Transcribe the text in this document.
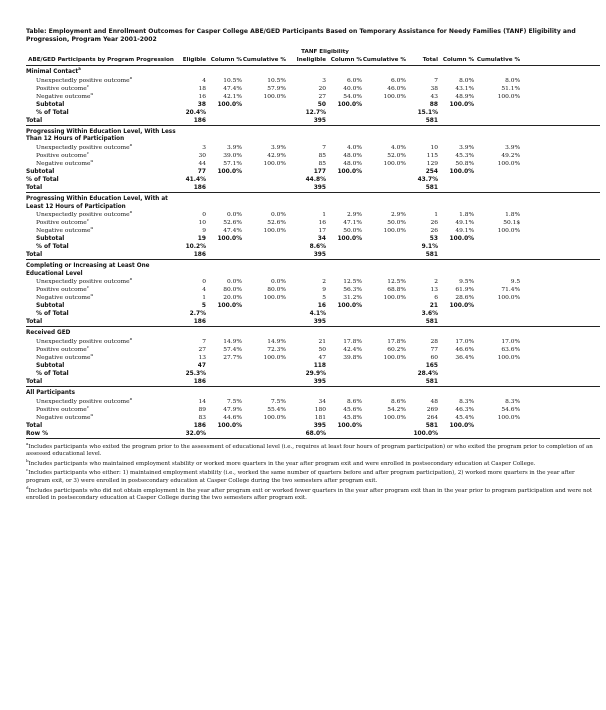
Table: Employment and Enrollment Outcomes for Casper College ABE/GED Participants Based on Temporary Assistance for Needy Families (TANF) Eligibility and Progression, Program Year 2001-2002
	TANF Eligibility									
ABE/GED Participants by Program Progression	Eligible	Column %	Cumulative %	Ineligible	Column %	Cumulative %	Total	Column %	Cumulative %	
Minimal Contact$^a$										
Unexpectedly positive outcome$^b$	4	10.5%	10.5%	3	6.0%	6.0%	7	8.0%	8.0%	
Positive outcome$^c$	18	47.4%	57.9%	20	40.0%	46.0%	38	43.1%	51.1%	
Negative outcome$^d$	16	42.1%	100.0%	27	54.0%	100.0%	43	48.9%	100.0%	
Subtotal	38	100.0%		50	100.0%		88	100.0%		
% of Total	20.4%			12.7%			15.1%			
Total	186			395			581			
Progressing Within Education Level, With Less Than 12 Hours of Participation										
Unexpectedly positive outcome$^b$	3	3.9%	3.9%	7	4.0%	4.0%	10	3.9%	3.9%	
Positive outcome$^c$	30	39.0%	42.9%	85	48.0%	52.0%	115	45.3%	49.2%	
Negative outcome$^d$	44	57.1%	100.0%	85	48.0%	100.0%	129	50.8%	100.0%	
Subtotal	77	100.0%		177	100.0%		254	100.0%		
% of Total	41.4%			44.8%			43.7%			
Total	186			395			581			
Progressing Within Education Level, With at Least 12 Hours of Participation										
Unexpectedly positive outcome$^b$	0	0.0%	0.0%	1	2.9%	2.9%	1	1.8%	1.8%	
Positive outcome$^c$	10	52.6%	52.6%	16	47.1%	50.0%	26	49.1%	50.1$	
Negative outcome$^d$	9	47.4%	100.0%	17	50.0%	100.0%	26	49.1%	100.0%	
Subtotal	19	100.0%		34	100.0%		53	100.0%		
% of Total	10.2%			8.6%			9.1%			
Total	186			395			581			
Completing or Increasing at Least One Educational Level										
Unexpectedly positive outcome$^b$	0	0.0%	0.0%	2	12.5%	12.5%	2	9.5%	9.5	
Positive outcome$^c$	4	80.0%	80.0%	9	56.3%	68.8%	13	61.9%	71.4%	
Negative outcome$^d$	1	20.0%	100.0%	5	31.2%	100.0%	6	28.6%	100.0%	
Subtotal	5	100.0%		16	100.0%		21	100.0%		
% of Total	2.7%			4.1%			3.6%			
Total	186			395			581			
Received GED										
Unexpectedly positive outcome$^b$	7	14.9%	14.9%	21	17.8%	17.8%	28	17.0%	17.0%	
Positive outcome$^c$	27	57.4%	72.3%	50	42.4%	60.2%	77	46.6%	63.6%	
Negative outcome$^d$	13	27.7%	100.0%	47	39.8%	100.0%	60	36.4%	100.0%	
Subtotal	47			118			165			
% of Total	25.3%			29.9%			28.4%			
Total	186			395			581			
All Participants										
Unexpectedly positive outcome$^b$	14	7.5%	7.5%	34	8.6%	8.6%	48	8.3%	8.3%	
Positive outcome$^c$	89	47.9%	55.4%	180	45.6%	54.2%	269	46.3%	54.6%	
Negative outcome$^d$	83	44.6%	100.0%	181	45.8%	100.0%	264	45.4%	100.0%	
Total	186	100.0%		395	100.0%		581	100.0%		
Row %	32.0%			68.0%			100.0%			

$^a$Includes participants who exited the program prior to the assessment of educational level (i.e., requires at least four hours of program participation) or who exited the program prior to completion of an assessed educational level.

$^b$Includes participants who maintained employment stability or worked more quarters in the year after program exit and were enrolled in postsecondary education at Casper College.

$^c$Includes participants who either: 1) maintained employment stability (i.e., worked the same number of quarters before and after program participation), 2) worked more quarters in the year after program exit, or 3) were enrolled in postsecondary education at Casper College during the two semesters after program exit.

$^d$Includes participants who did not obtain employment in the year after program exit or worked fewer quarters in the year after program exit than in the year prior to program participation and were not enrolled in postsecondary education at Casper College during the two semesters after program exit.
